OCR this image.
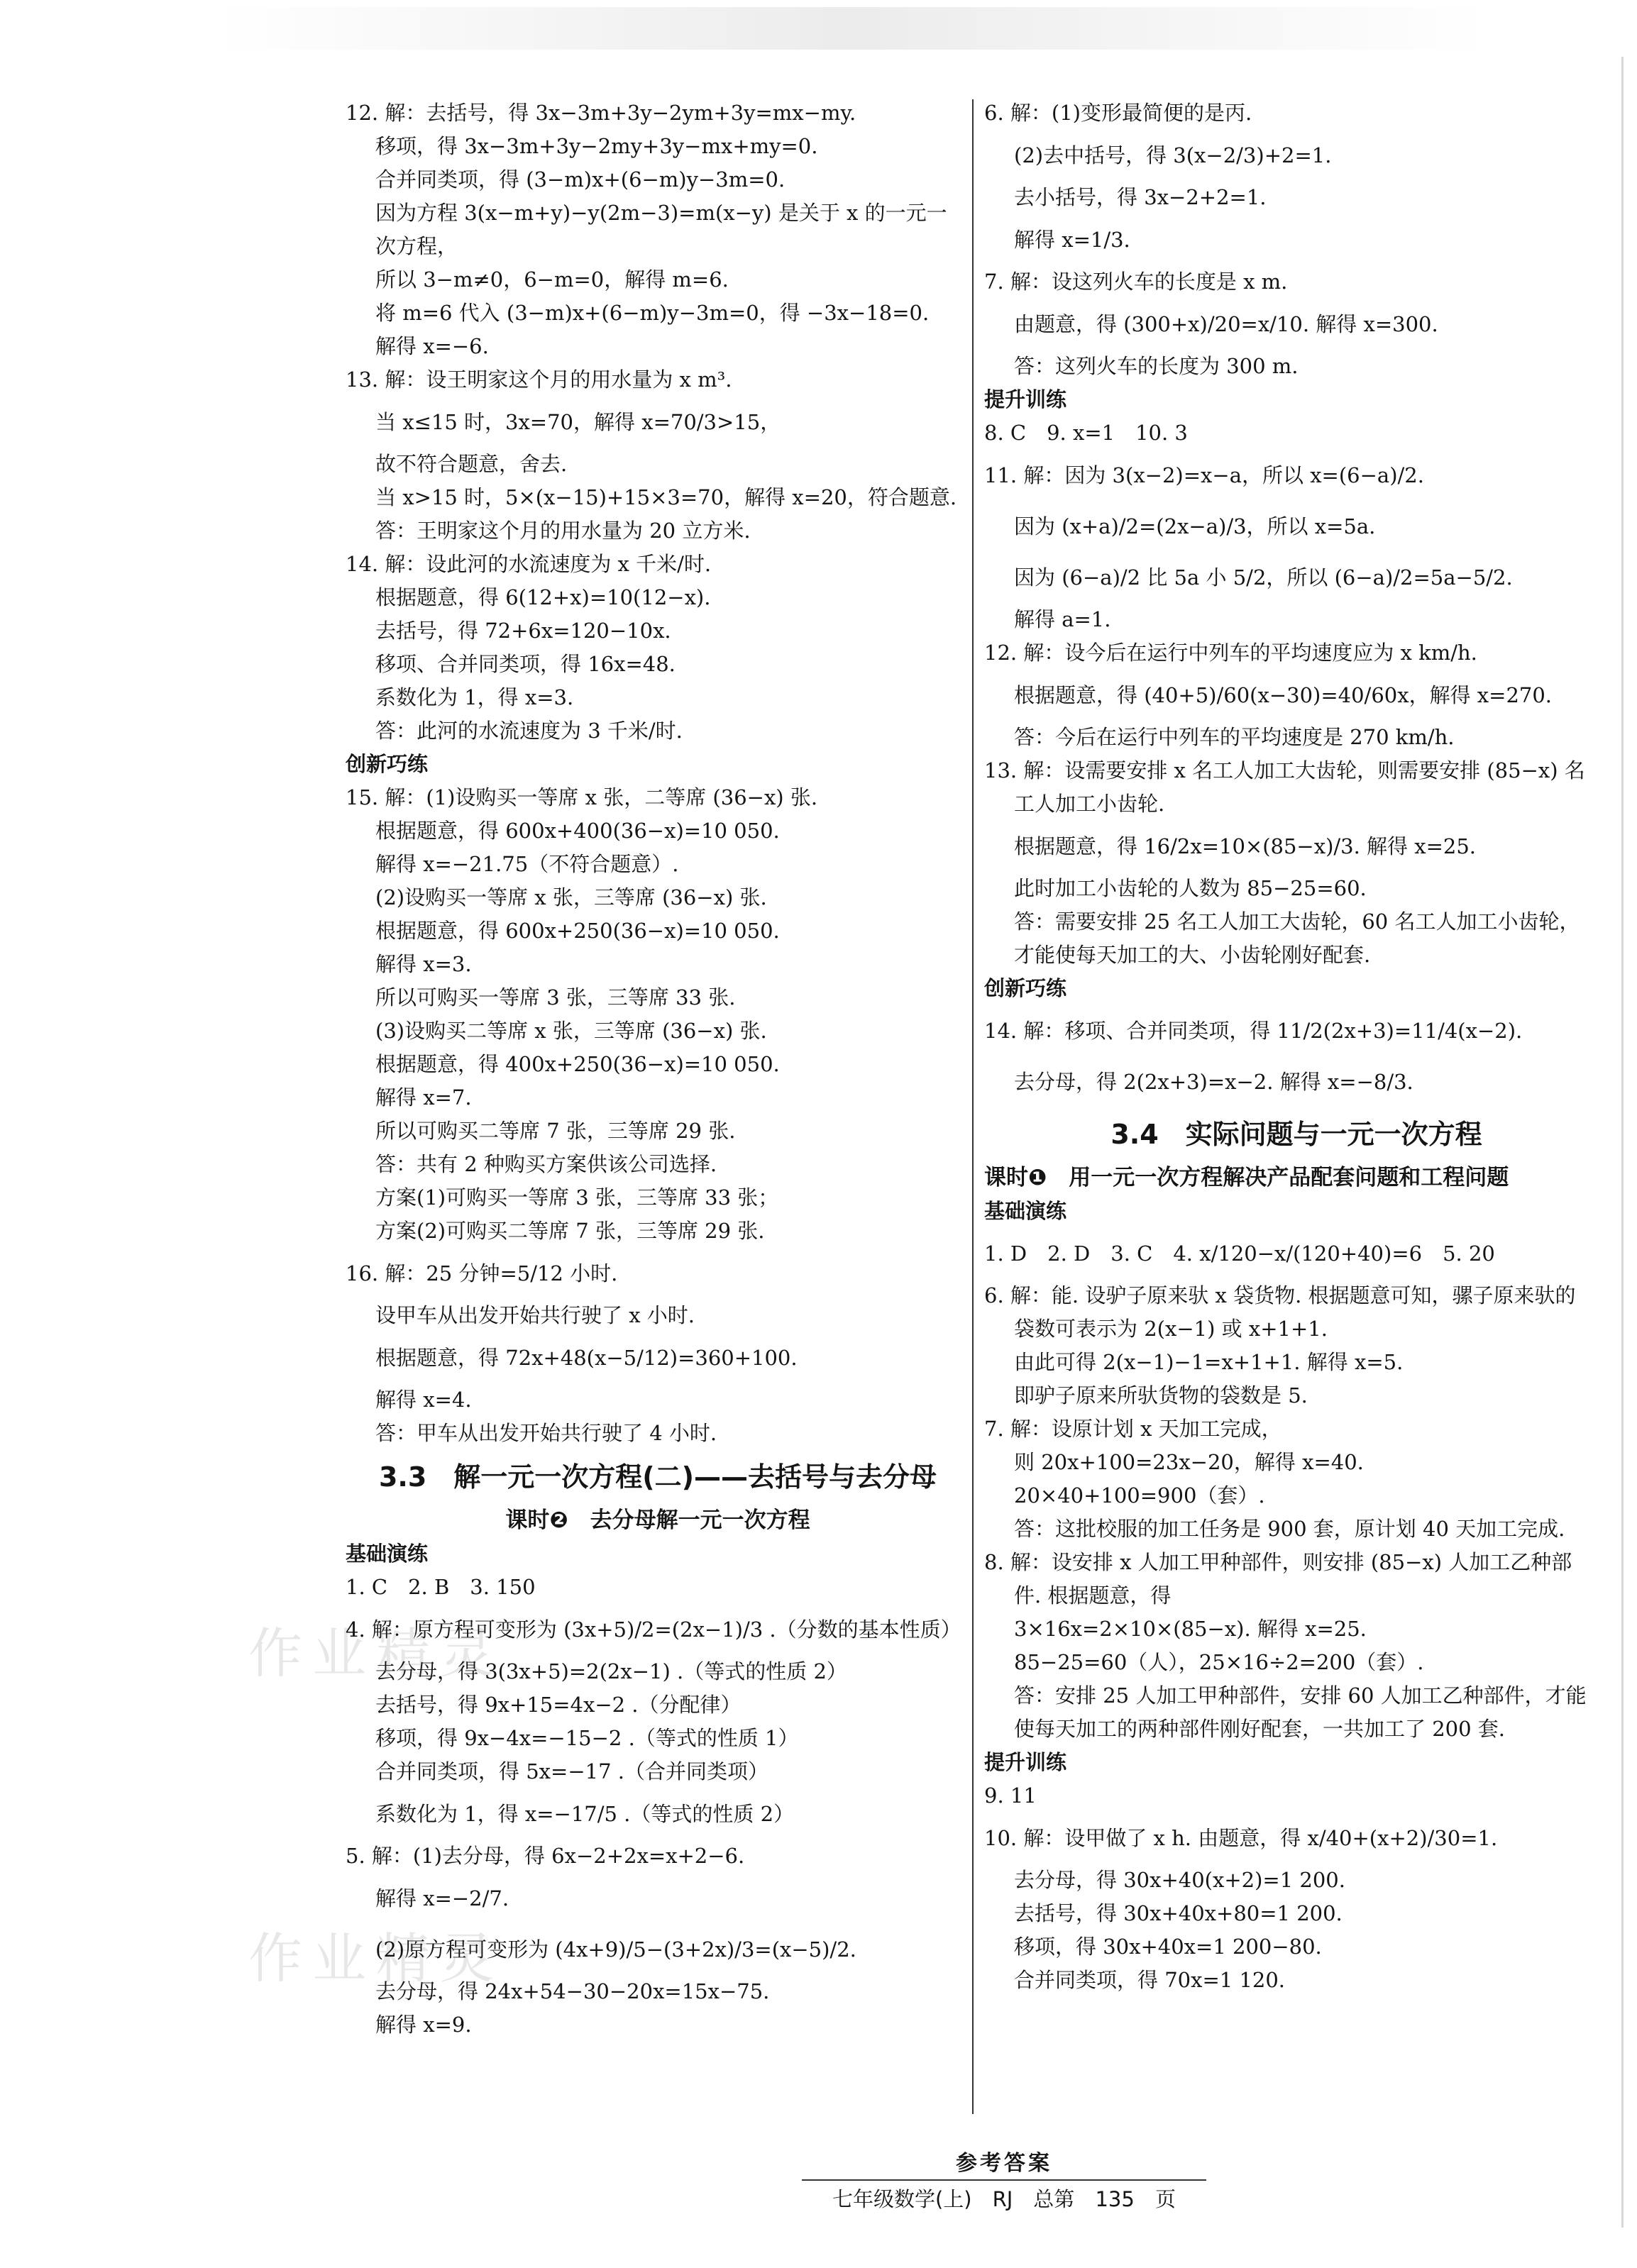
作业精灵
作业精灵
12. 解：去括号，得 3x−3m+3y−2ym+3y=mx−my.
移项，得 3x−3m+3y−2my+3y−mx+my=0.
合并同类项，得 (3−m)x+(6−m)y−3m=0.
因为方程 3(x−m+y)−y(2m−3)=m(x−y) 是关于 x 的一元一
次方程，
所以 3−m≠0，6−m=0，解得 m=6.
将 m=6 代入 (3−m)x+(6−m)y−3m=0，得 −3x−18=0.
解得 x=−6.
13. 解：设王明家这个月的用水量为 x m³.
当 x≤15 时，3x=70，解得 x=70/3>15，
故不符合题意，舍去.
当 x>15 时，5×(x−15)+15×3=70，解得 x=20，符合题意.
答：王明家这个月的用水量为 20 立方米.
14. 解：设此河的水流速度为 x 千米/时.
根据题意，得 6(12+x)=10(12−x).
去括号，得 72+6x=120−10x.
移项、合并同类项，得 16x=48.
系数化为 1，得 x=3.
答：此河的水流速度为 3 千米/时.
创新巧练
15. 解：(1)设购买一等席 x 张，二等席 (36−x) 张.
根据题意，得 600x+400(36−x)=10 050.
解得 x=−21.75（不符合题意）.
(2)设购买一等席 x 张，三等席 (36−x) 张.
根据题意，得 600x+250(36−x)=10 050.
解得 x=3.
所以可购买一等席 3 张，三等席 33 张.
(3)设购买二等席 x 张，三等席 (36−x) 张.
根据题意，得 400x+250(36−x)=10 050.
解得 x=7.
所以可购买二等席 7 张，三等席 29 张.
答：共有 2 种购买方案供该公司选择.
方案(1)可购买一等席 3 张，三等席 33 张；
方案(2)可购买二等席 7 张，三等席 29 张.
16. 解：25 分钟=5/12 小时.
设甲车从出发开始共行驶了 x 小时.
根据题意，得 72x+48(x−5/12)=360+100.
解得 x=4.
答：甲车从出发开始共行驶了 4 小时.
3.3　解一元一次方程(二)——去括号与去分母
课时❷　去分母解一元一次方程
基础演练
1. C　2. B　3. 150
4. 解：原方程可变形为 (3x+5)/2=(2x−1)/3 .（分数的基本性质）
去分母，得 3(3x+5)=2(2x−1) .（等式的性质 2）
去括号，得 9x+15=4x−2 .（分配律）
移项，得 9x−4x=−15−2 .（等式的性质 1）
合并同类项，得 5x=−17 .（合并同类项）
系数化为 1，得 x=−17/5 .（等式的性质 2）
5. 解：(1)去分母，得 6x−2+2x=x+2−6.
解得 x=−2/7.
(2)原方程可变形为 (4x+9)/5−(3+2x)/3=(x−5)/2.
去分母，得 24x+54−30−20x=15x−75.
解得 x=9.
6. 解：(1)变形最简便的是丙.
(2)去中括号，得 3(x−2/3)+2=1.
去小括号，得 3x−2+2=1.
解得 x=1/3.
7. 解：设这列火车的长度是 x m.
由题意，得 (300+x)/20=x/10. 解得 x=300.
答：这列火车的长度为 300 m.
提升训练
8. C　9. x=1　10. 3
11. 解：因为 3(x−2)=x−a，所以 x=(6−a)/2.
因为 (x+a)/2=(2x−a)/3，所以 x=5a.
因为 (6−a)/2 比 5a 小 5/2，所以 (6−a)/2=5a−5/2.
解得 a=1.
12. 解：设今后在运行中列车的平均速度应为 x km/h.
根据题意，得 (40+5)/60(x−30)=40/60x，解得 x=270.
答：今后在运行中列车的平均速度是 270 km/h.
13. 解：设需要安排 x 名工人加工大齿轮，则需要安排 (85−x) 名
工人加工小齿轮.
根据题意，得 16/2x=10×(85−x)/3. 解得 x=25.
此时加工小齿轮的人数为 85−25=60.
答：需要安排 25 名工人加工大齿轮，60 名工人加工小齿轮，
才能使每天加工的大、小齿轮刚好配套.
创新巧练
14. 解：移项、合并同类项，得 11/2(2x+3)=11/4(x−2).
去分母，得 2(2x+3)=x−2. 解得 x=−8/3.
3.4　实际问题与一元一次方程
课时❶　用一元一次方程解决产品配套问题和工程问题
基础演练
1. D　2. D　3. C　4. x/120−x/(120+40)=6　5. 20
6. 解：能. 设驴子原来驮 x 袋货物. 根据题意可知，骡子原来驮的
袋数可表示为 2(x−1) 或 x+1+1.
由此可得 2(x−1)−1=x+1+1. 解得 x=5.
即驴子原来所驮货物的袋数是 5.
7. 解：设原计划 x 天加工完成，
则 20x+100=23x−20，解得 x=40.
20×40+100=900（套）.
答：这批校服的加工任务是 900 套，原计划 40 天加工完成.
8. 解：设安排 x 人加工甲种部件，则安排 (85−x) 人加工乙种部
件. 根据题意，得
3×16x=2×10×(85−x). 解得 x=25.
85−25=60（人），25×16÷2=200（套）.
答：安排 25 人加工甲种部件，安排 60 人加工乙种部件，才能
使每天加工的两种部件刚好配套，一共加工了 200 套.
提升训练
9. 11
10. 解：设甲做了 x h. 由题意，得 x/40+(x+2)/30=1.
去分母，得 30x+40(x+2)=1 200.
去括号，得 30x+40x+80=1 200.
移项，得 30x+40x=1 200−80.
合并同类项，得 70x=1 120.
参考答案
七年级数学(上)　RJ　总第 135 页
